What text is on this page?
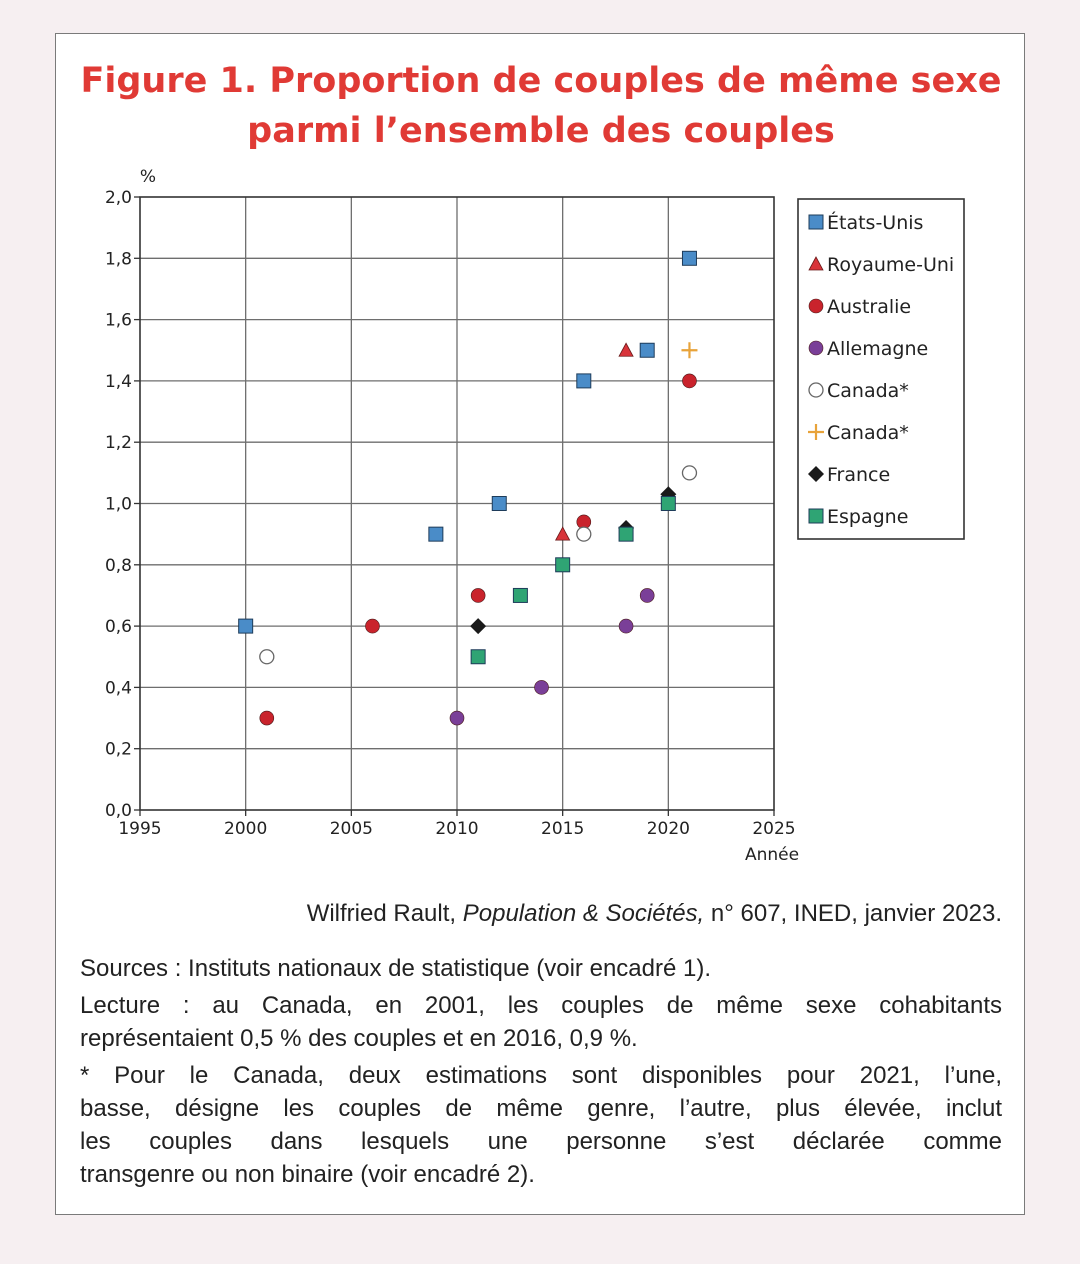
Figure 1. Proportion de couples de même sexe
parmi l’ensemble des couples
1995	2000	2005	2010	2015	2020	2025
0,0
0,2
0,4
0,6
0,8
1,0
1,2
1,4
1,6
1,8
2,0
%
Année
États-Unis
Royaume-Uni
Australie
Allemagne
Canada*
Canada*
France
Espagne
Wilfried Rault, Population & Sociétés, n° 607, INED, janvier 2023.

Sources : Instituts nationaux de statistique (voir encadré 1).

Lecture : au Canada, en 2001, les couples de même sexe cohabitants
représentaient 0,5 % des couples et en 2016, 0,9 %.

* Pour le Canada, deux estimations sont disponibles pour 2021, l’une,
basse, désigne les couples de même genre, l’autre, plus élevée, inclut
les couples dans lesquels une personne s’est déclarée comme
transgenre ou non binaire (voir encadré 2).
